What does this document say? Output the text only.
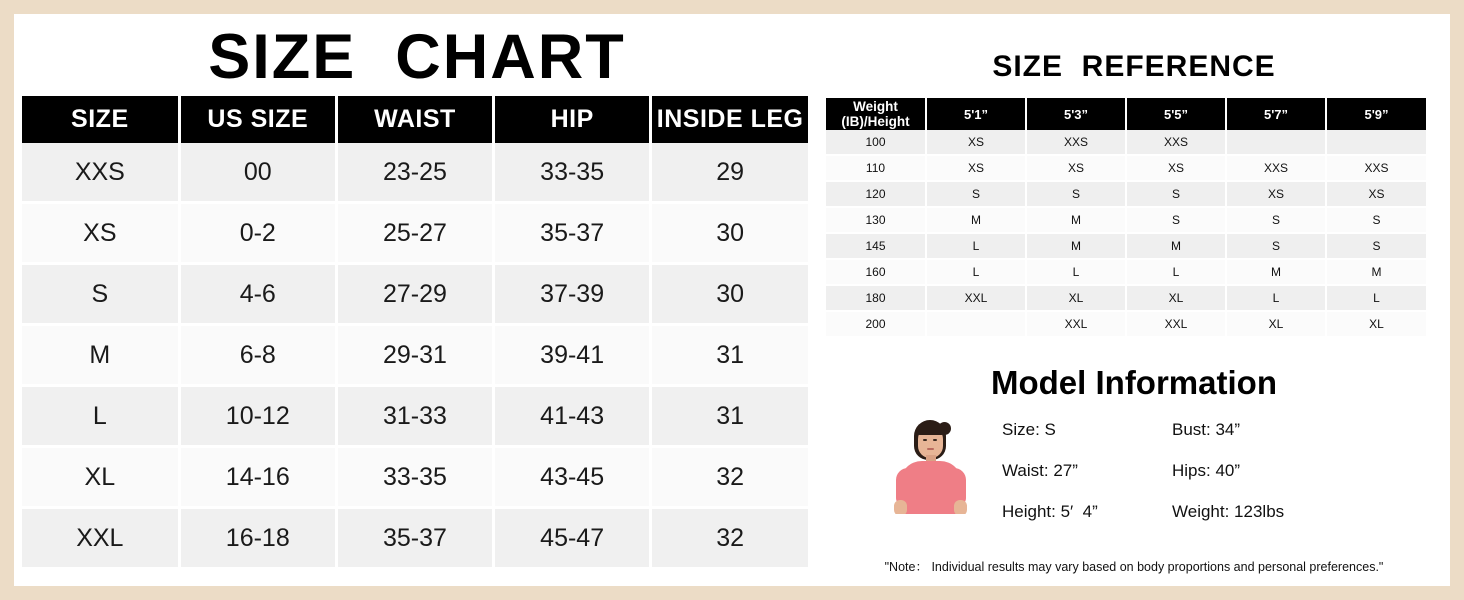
SIZE  CHART
SIZE	US SIZE	WAIST	HIP	INSIDE LEG
XXS	00	23-25	33-35	29
XS	0-2	25-27	35-37	30
S	4-6	27-29	37-39	30
M	6-8	29-31	39-41	31
L	10-12	31-33	41-43	31
XL	14-16	33-35	43-45	32
XXL	16-18	35-37	45-47	32
SIZE  REFERENCE
Weight (IB)/Height	5'1”	5'3”	5'5”	5'7”	5'9”
100	XS	XXS	XXS		
110	XS	XS	XS	XXS	XXS
120	S	S	S	XS	XS
130	M	M	S	S	S
145	L	M	M	S	S
160	L	L	L	M	M
180	XXL	XL	XL	L	L
200		XXL	XXL	XL	XL
Model Information
Size: S
Waist: 27”
Height: 5′  4”
Bust: 34”
Hips: 40”
Weight: 123lbs
"Note： Individual results may vary based on body proportions and personal preferences."
